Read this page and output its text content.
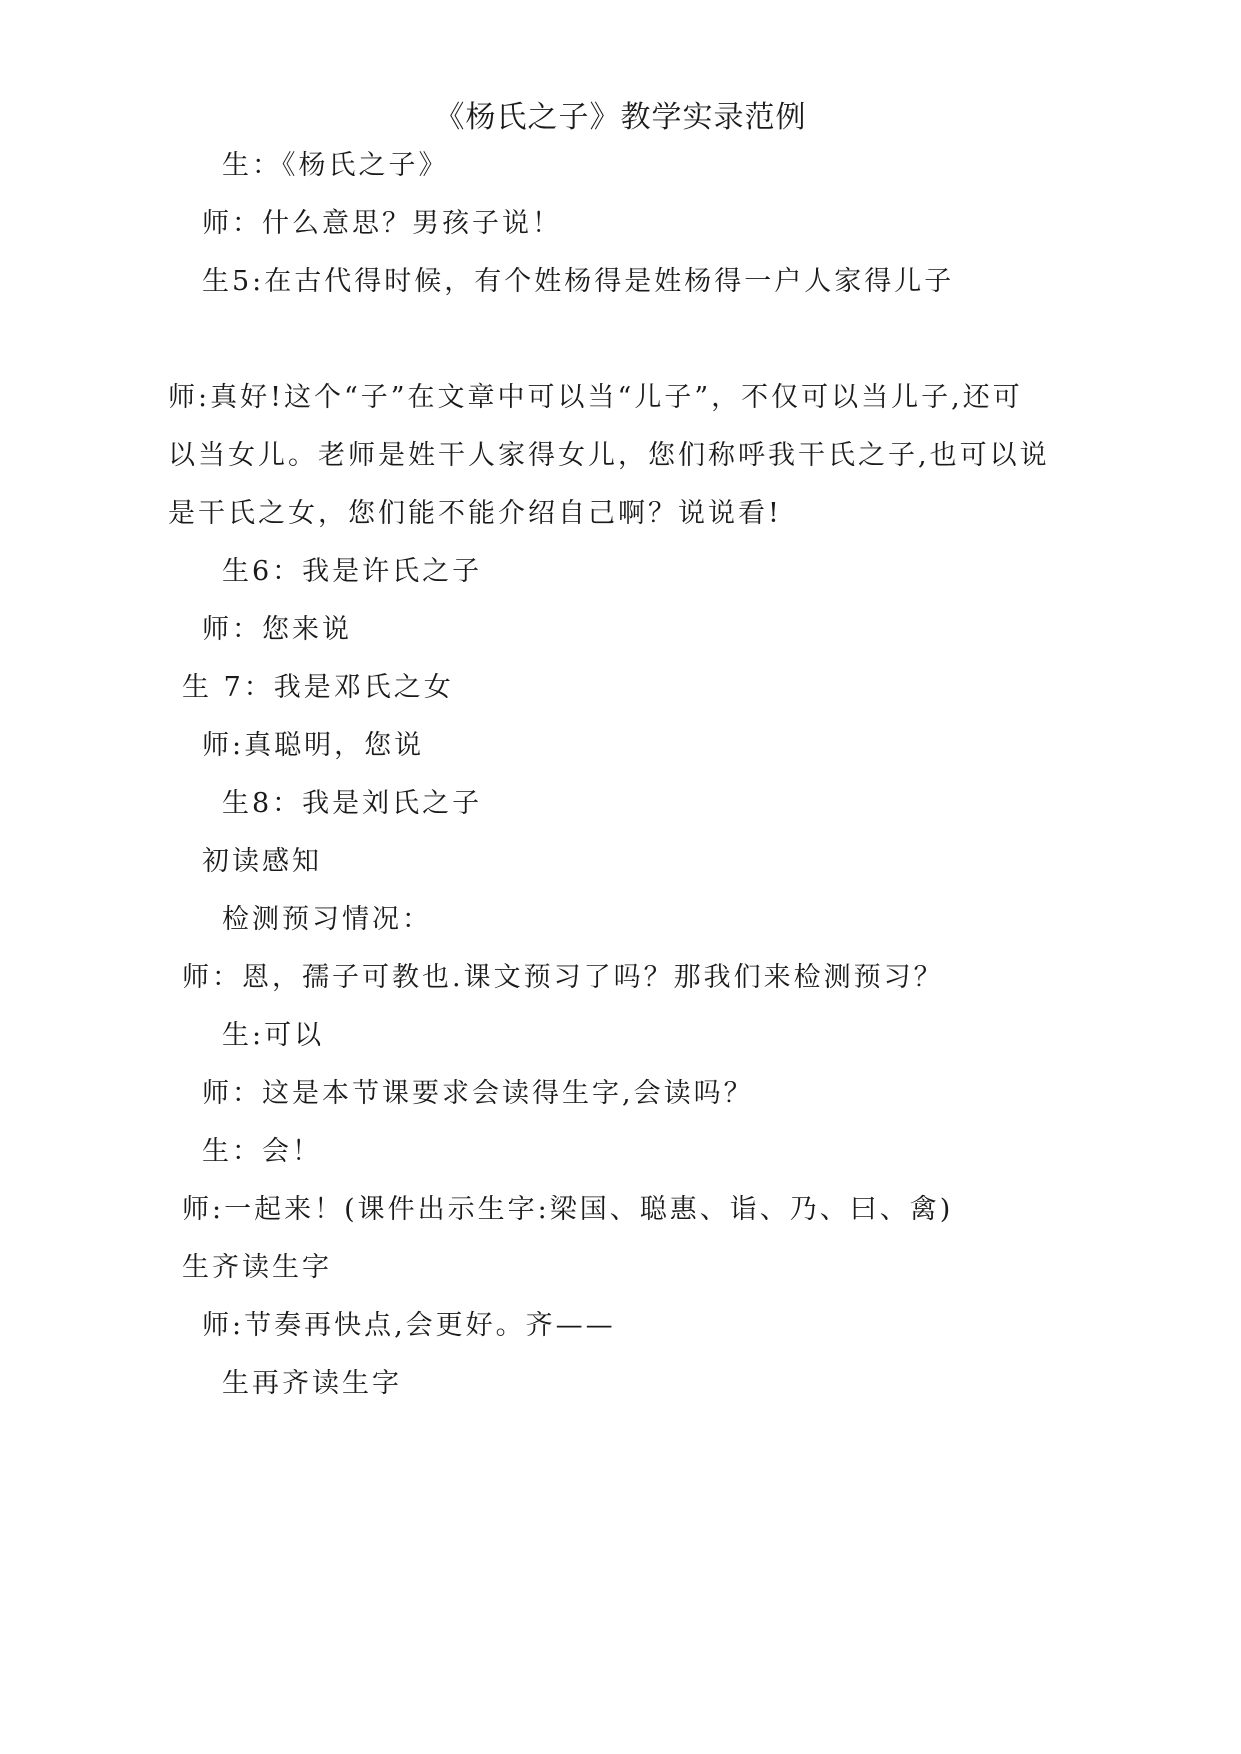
《杨氏之子》教学实录范例
生：《杨氏之子》
师：什么意思？男孩子说！
生5:在古代得时候，有个姓杨得是姓杨得一户人家得儿子
师:真好!这个“子”在文章中可以当“儿子”，不仅可以当儿子,还可
以当女儿。老师是姓干人家得女儿，您们称呼我干氏之子,也可以说
是干氏之女，您们能不能介绍自己啊？说说看!
生6：我是许氏之子
师：您来说
生 7：我是邓氏之女
师:真聪明，您说
生8：我是刘氏之子
初读感知
检测预习情况：
师：恩，孺子可教也.课文预习了吗？那我们来检测预习？
生:可以
师：这是本节课要求会读得生字,会读吗？
生：会！
师:一起来！(课件出示生字:梁国、聪惠、诣、乃、曰、禽)
生齐读生字
师:节奏再快点,会更好。齐——
生再齐读生字
